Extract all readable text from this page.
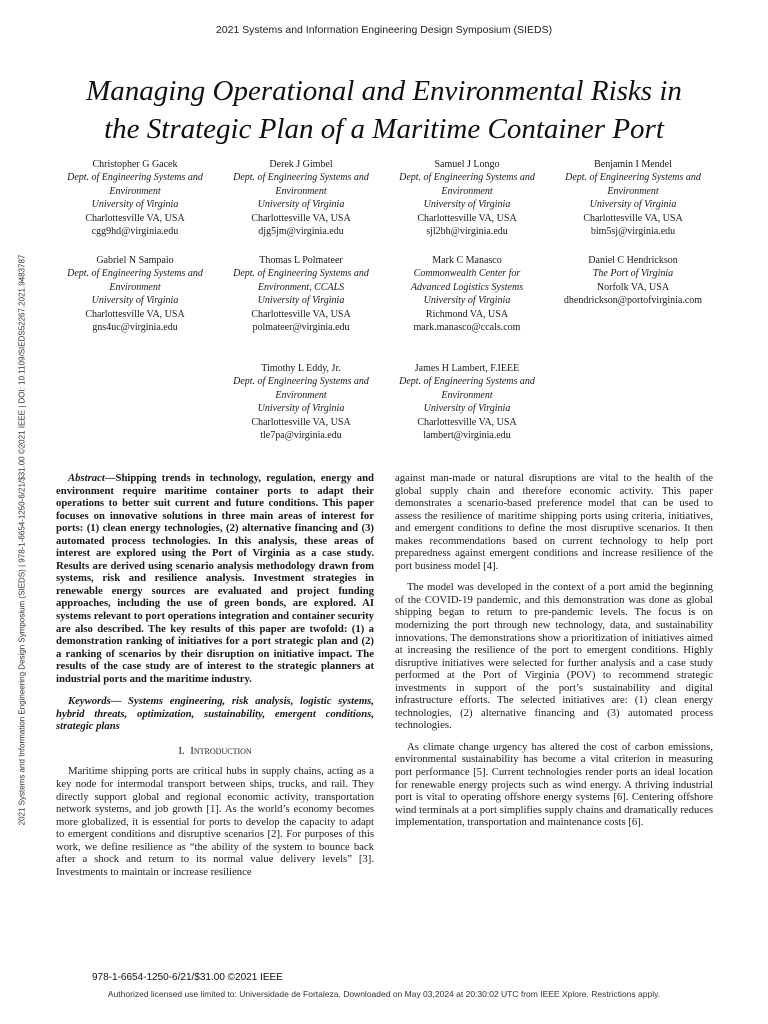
2021 Systems and Information Engineering Design Symposium (SIEDS)
Managing Operational and Environmental Risks in
the Strategic Plan of a Maritime Container Port
2021 Systems and Information Engineering Design Symposium (SIEDS) | 978-1-6654-1250-6/21/$31.00 ©2021 IEEE | DOI: 10.1109/SIEDS52267.2021.9483787
Christopher G Gacek
Dept. of Engineering Systems and
Environment
University of Virginia
Charlottesville VA, USA
cgg9hd@virginia.edu
Derek J Gimbel
Dept. of Engineering Systems and
Environment
University of Virginia
Charlottesville VA, USA
djg5jm@virginia.edu
Samuel J Longo
Dept. of Engineering Systems and
Environment
University of Virginia
Charlottesville VA, USA
sjl2bh@virginia.edu
Benjamin I Mendel
Dept. of Engineering Systems and
Environment
University of Virginia
Charlottesville VA, USA
bim5sj@virginia.edu
Gabriel N Sampaio
Dept. of Engineering Systems and
Environment
University of Virginia
Charlottesville VA, USA
gns4uc@virginia.edu
Thomas L Polmateer
Dept. of Engineering Systems and
Environment, CCALS
University of Virginia
Charlottesville VA, USA
polmateer@virginia.edu
Mark C Manasco
Commonwealth Center for
Advanced Logistics Systems
University of Virginia
Richmond VA, USA
mark.manasco@ccals.com
Daniel C Hendrickson
The Port of Virginia
Norfolk VA, USA
dhendrickson@portofvirginia.com
Timothy L Eddy, Jr.
Dept. of Engineering Systems and
Environment
University of Virginia
Charlottesville VA, USA
tle7pa@virginia.edu
James H Lambert, F.IEEE
Dept. of Engineering Systems and
Environment
University of Virginia
Charlottesville VA, USA
lambert@virginia.edu

Abstract—Shipping trends in technology, regulation, energy and environment require maritime container ports to adapt their operations to better suit current and future conditions. This paper focuses on innovative solutions in three main areas of interest for ports: (1) clean energy technologies, (2) alternative financing and (3) automated process technologies. In this analysis, these areas of interest are explored using the Port of Virginia as a case study. Results are derived using scenario analysis methodology drawn from systems, risk and resilience analysis. Investment strategies in renewable energy sources are evaluated and project funding approaches, including the use of green bonds, are explored. AI systems relevant to port operations integration and container security are also described. The key results of this paper are twofold: (1) a demonstration ranking of initiatives for a port strategic plan and (2) a ranking of scenarios by their disruption on initiative impact. The results of the case study are of interest to the strategic planners at industrial ports and the maritime industry.

Keywords— Systems engineering, risk analysis, logistic systems, hybrid threats, optimization, sustainability, emergent conditions, strategic plans

I. Introduction

Maritime shipping ports are critical hubs in supply chains, acting as a key node for intermodal transport between ships, trucks, and rail. They directly support global and regional economic activity, transportation network systems, and job growth [1]. As the world’s economy becomes more globalized, it is essential for ports to develop the capacity to adapt to emergent conditions and disruptive scenarios [2]. For purposes of this work, we define resilience as “the ability of the system to bounce back after a shock and return to its normal value delivery levels” [3]. Investments to maintain or increase resilience

against man-made or natural disruptions are vital to the health of the global supply chain and therefore economic activity. This paper demonstrates a scenario-based preference model that can be used to assess the resilience of maritime shipping ports using criteria, initiatives, and emergent conditions to define the most disruptive scenarios. It then makes recommendations based on current technology to help port preparedness against emergent conditions and increase resilience of the port business model [4].

The model was developed in the context of a port amid the beginning of the COVID-19 pandemic, and this demonstration was done as global shipping began to return to pre-pandemic levels. The focus is on modernizing the port through new technology, data, and sustainability innovations. The demonstrations show a prioritization of initiatives aimed at increasing the resilience of the port to emergent conditions. Highly disruptive initiatives were selected for further analysis and a case study performed at the Port of Virginia (POV) to recommend strategic investments in support of the port’s sustainability and digital infrastructure efforts. The selected initiatives are: (1) clean energy technologies, (2) alternative financing and (3) automated process technologies.

As climate change urgency has altered the cost of carbon emissions, environmental sustainability has become a vital criterion in measuring port performance [5]. Current technologies render ports an ideal location for renewable energy projects such as wind energy. A thriving industrial port is vital to operating offshore energy systems [6]. Centering offshore wind terminals at a port simplifies supply chains and dramatically reduces implementation, transportation and maintenance costs [6].

978-1-6654-1250-6/21/$31.00 ©2021 IEEE
Authorized licensed use limited to: Universidade de Fortaleza. Downloaded on May 03,2024 at 20:30:02 UTC from IEEE Xplore. Restrictions apply.
